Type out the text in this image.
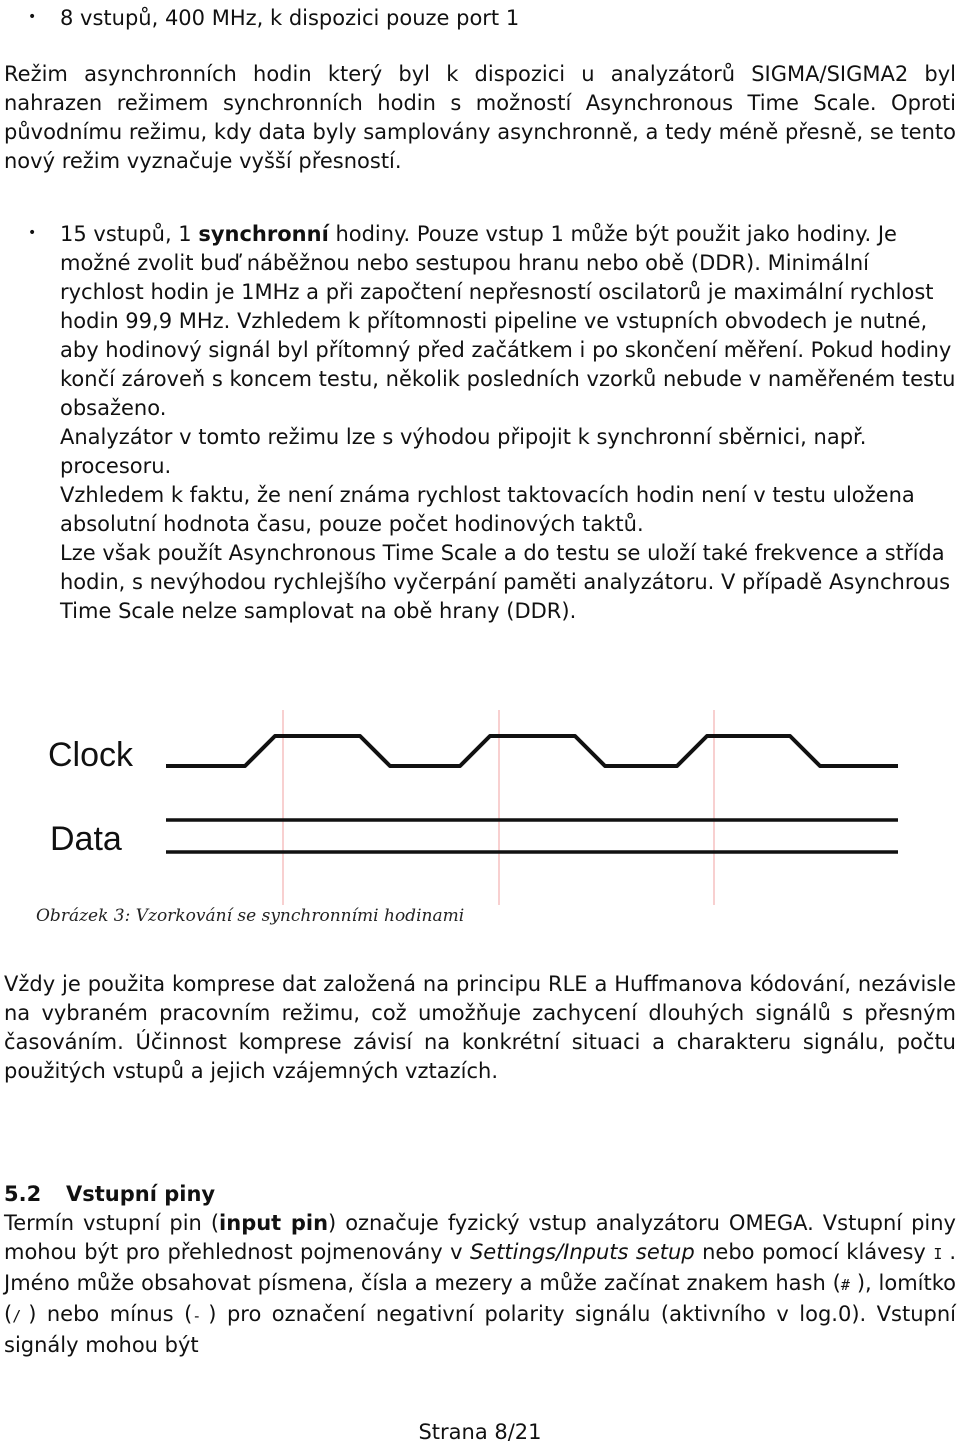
• 8 vstupů, 400 MHz, k dispozici pouze port 1

Režim asynchronních hodin který byl k dispozici u analyzátorů SIGMA/SIGMA2 byl nahrazen režimem synchronních hodin s možností Asynchronous Time Scale. Oproti původnímu režimu, kdy data byly samplovány asynchronně, a tedy méně přesně, se tento nový režim vyznačuje vyšší přesností.

• 15 vstupů, 1 synchronní hodiny. Pouze vstup 1 může být použit jako hodiny. Je možné zvolit buď náběžnou nebo sestupou hranu nebo obě (DDR). Minimální rychlost hodin je 1MHz a při započtení nepřesností oscilatorů je maximální rychlost hodin 99,9 MHz. Vzhledem k přítomnosti pipeline ve vstupních obvodech je nutné, aby hodinový signál byl přítomný před začátkem i po skončení měření. Pokud hodiny končí zároveň s koncem testu, několik posledních vzorků nebude v naměřeném testu obsaženo.

Analyzátor v tomto režimu lze s výhodou připojit k synchronní sběrnici, např. procesoru.

Vzhledem k faktu, že není známa rychlost taktovacích hodin není v testu uložena absolutní hodnota času, pouze počet hodinových taktů.

Lze však použít Asynchronous Time Scale a do testu se uloží také frekvence a střída hodin, s nevýhodou rychlejšího vyčerpání paměti analyzátoru. V případě Asynchrous Time Scale nelze samplovat na obě hrany (DDR).

Clock
Data
Obrázek 3: Vzorkování se synchronními hodinami

Vždy je použita komprese dat založená na principu RLE a Huffmanova kódování, nezávisle na vybraném pracovním režimu, což umožňuje zachycení dlouhých signálů s přesným časováním. Účinnost komprese závisí na konkrétní situaci a charakteru signálu, počtu použitých vstupů a jejich vzájemných vztazích.

5.2 Vstupní piny

Termín vstupní pin (input pin) označuje fyzický vstup analyzátoru OMEGA. Vstupní piny mohou být pro přehlednost pojmenovány v Settings/Inputs setup nebo pomocí klávesy I . Jméno může obsahovat písmena, čísla a mezery a může začínat znakem hash (# ), lomítko (/ ) nebo mínus (- ) pro označení negativní polarity signálu (aktivního v log.0). Vstupní signály mohou být

Strana 8/21
